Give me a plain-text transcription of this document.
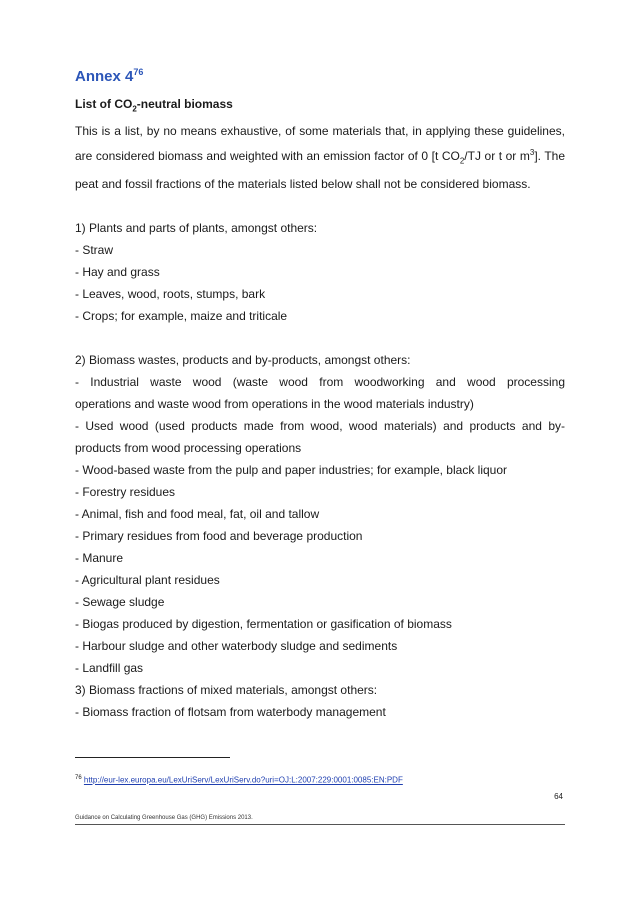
Annex $4^{76}$

List of $CO_2$-neutral biomass

This is a list, by no means exhaustive, of some materials that, in applying these guidelines, are considered biomass and weighted with an emission factor of 0 [t $CO_2/TJ$ or t or $m^3$]. The peat and fossil fractions of the materials listed below shall not be considered biomass.

1) Plants and parts of plants, amongst others:

- Straw

- Hay and grass

- Leaves, wood, roots, stumps, bark

- Crops; for example, maize and triticale

2) Biomass wastes, products and by-products, amongst others:

- Industrial waste wood (waste wood from woodworking and wood processing

operations and waste wood from operations in the wood materials industry)

- Used wood (used products made from wood, wood materials) and products and by-

products from wood processing operations

- Wood-based waste from the pulp and paper industries; for example, black liquor

- Forestry residues

- Animal, fish and food meal, fat, oil and tallow

- Primary residues from food and beverage production

- Manure

- Agricultural plant residues

- Sewage sludge

- Biogas produced by digestion, fermentation or gasification of biomass

- Harbour sludge and other waterbody sludge and sediments

- Landfill gas

3) Biomass fractions of mixed materials, amongst others:

- Biomass fraction of flotsam from waterbody management

$^{76}$ http://eur-lex.europa.eu/LexUriServ/LexUriServ.do?uri=OJ:L:2007:229:0001:0085:EN:PDF
64
Guidance on Calculating Greenhouse Gas (GHG) Emissions 2013.
